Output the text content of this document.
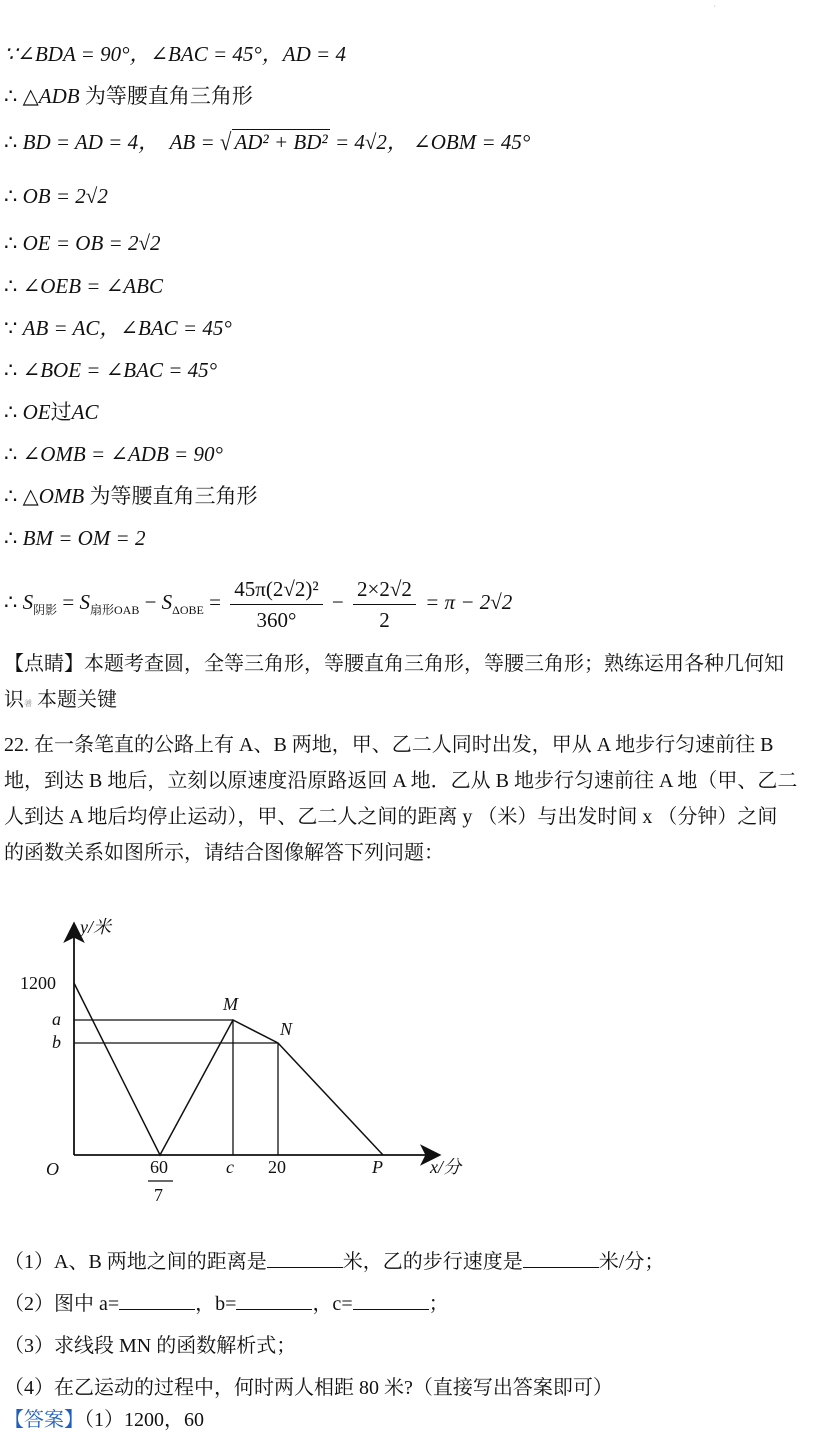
·
∵∠BDA = 90°，∠BAC = 45°，AD = 4
∴ △ADB 为等腰直角三角形
∴ BD = AD = 4， AB = √ AD² + BD² = 4√2， ∠OBM = 45°
∴ OB = 2√2
∴ OE = OB = 2√2
∴ ∠OEB = ∠ABC
∵ AB = AC，∠BAC = 45°
∴ ∠BOE = ∠BAC = 45°
∴ OE过AC
∴ ∠OMB = ∠ADB = 90°
∴ △OMB 为等腰直角三角形
∴ BM = OM = 2
∴ $S_{阴影} = S_{扇形OAB} - S_{\Delta OBE} = \frac{\text{45π(2√2)²}}{360^\circ} - \frac{2\times 2√2}{2} = \pi - 2√2$
【点睛】本题考查圆，全等三角形，等腰直角三角形，等腰三角形；熟练运用各种几何知
识㸙 本题关键
22. 在一条笔直的公路上有 A、B 两地，甲、乙二人同时出发，甲从 A 地步行匀速前往 B
地，到达 B 地后，立刻以原速度沿原路返回 A 地．乙从 B 地步行匀速前往 A 地（甲、乙二
人到达 A 地后均停止运动），甲、乙二人之间的距离 y （米）与出发时间 x （分钟）之间
的函数关系如图所示，请结合图像解答下列问题：
y/米
x/分
O
1200
a
b
60
7
c 20	P
M
N
（1）A、B 两地之间的距离是	米，乙的步行速度是	米/分；
（2）图中 a=	，b=	，c=	；
（3）求线段 MN 的函数解析式；
（4）在乙运动的过程中，何时两人相距 80 米?（直接写出答案即可）
【答案】（1）1200，60
